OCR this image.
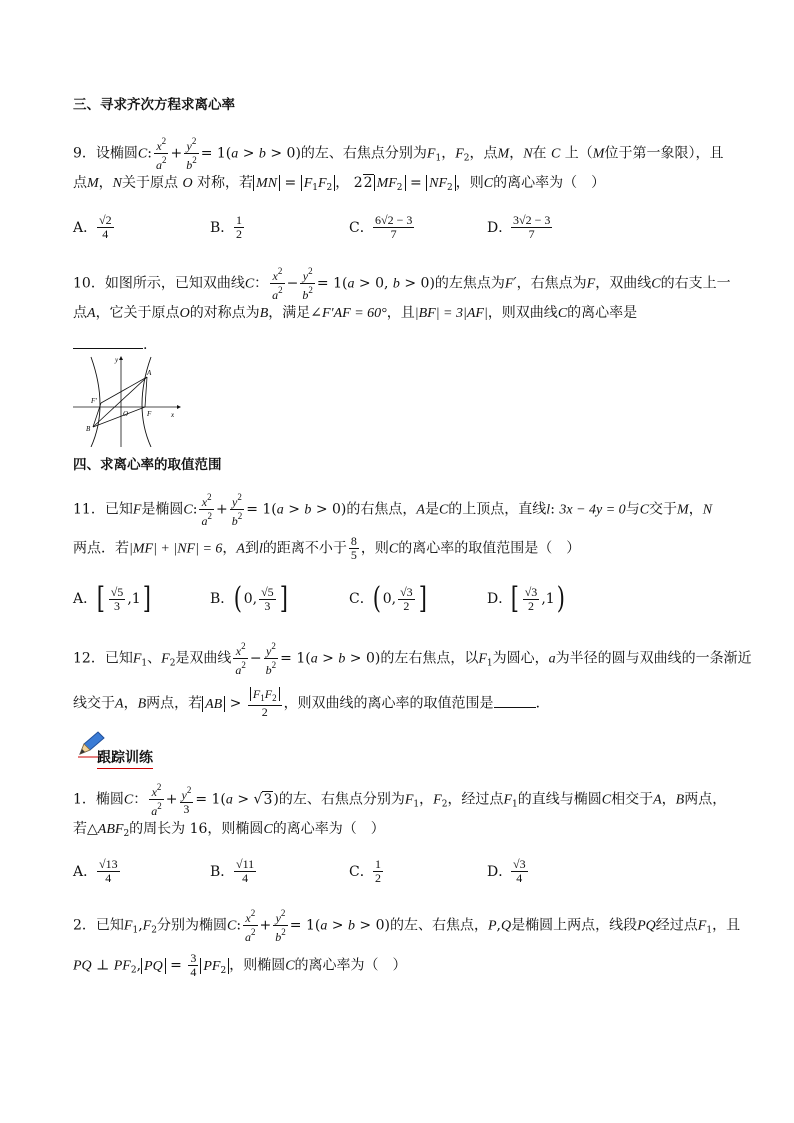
三、寻求齐次方程求离心率
9．设椭圆C: $\frac{x^2}{a^2} + \frac{y^2}{b^2} = 1(a > b > 0)$的左、右焦点分别为$F_1$，$F_2$，点M，N在 C 上（M位于第一象限），且
点M，N关于原点 O 对称，若 MN = $F_1F_2$ ， 22 $MF_2 = NF_2$ ，则C的离心率为（　）
A． $\frac{√2}{4}$	B． $\frac{1}{2}$	C． $\frac{6√2 - 3}{7}$	D．
$\frac{3√2 - 3}{7}$
10．如图所示，已知双曲线C： $\frac{x^2}{a^2} - \frac{y^2}{b^2} = 1(a > 0$, b > 0)的左焦点为F′，右焦点为F，双曲线C的右支上一
点A，它关于原点O的对称点为B，满足∠F′AF = 60°，且|BF| = 3|AF|，则双曲线C的离心率是
.
y
x
A
B
F′
F
O
四、求离心率的取值范围
11．已知F是椭圆C: $\frac{x^2}{a^2} + \frac{y^2}{b^2} = 1(a > b > 0)$的右焦点，A是C的上顶点，直线l: 3x − 4y = 0与C交于M，N
两点．若|MF| + |NF| = 6，A到l的距离不小于 $\frac{8}{5}$ ，则C的离心率的取值范围是（　）
A．[ $\frac{√5}{3} ,1$]	B．( 0, $\frac{√5}{3}$ ]	C．( 0, $\frac{√3}{2}$ ]	D．[ $\frac{√3}{2} ,1$)
12．已知$F_1$、$F_2$是双曲线 $\frac{x^2}{a^2} - \frac{y^2}{b^2} = 1(a > b > 0)$的左右焦点，以$F_1$为圆心，a为半径的圆与双曲线的一条渐近
线交于A，B两点，若 AB > $\frac{F_1F_2}{2}$ ，则双曲线的离心率的取值范围是	．
跟踪训练
1．椭圆C： $\frac{x^2}{a^2} + \frac{y^2}{3} = 1(a > √3)$的左、右焦点分别为$F_1$，$F_2$，经过点$F_1$的直线与椭圆C相交于A，B两点，
若$\triangle ABF_2$的周长为 16，则椭圆C的离心率为（　）
A． $\frac{√13}{4}$	B． $\frac{√11}{4}$	C． $\frac{1}{2}$	D．
$\frac{√3}{4}$
2．已知$F_1,F_2$分别为椭圆C: $\frac{x^2}{a^2} + \frac{y^2}{b^2} = 1(a > b > 0)$的左、右焦点，P,Q是椭圆上两点，线段PQ经过点$F_1$，且
PQ ⊥ $PF_2$, PQ = $\frac{3}{4} PF_2$ ，则椭圆C的离心率为（　）
